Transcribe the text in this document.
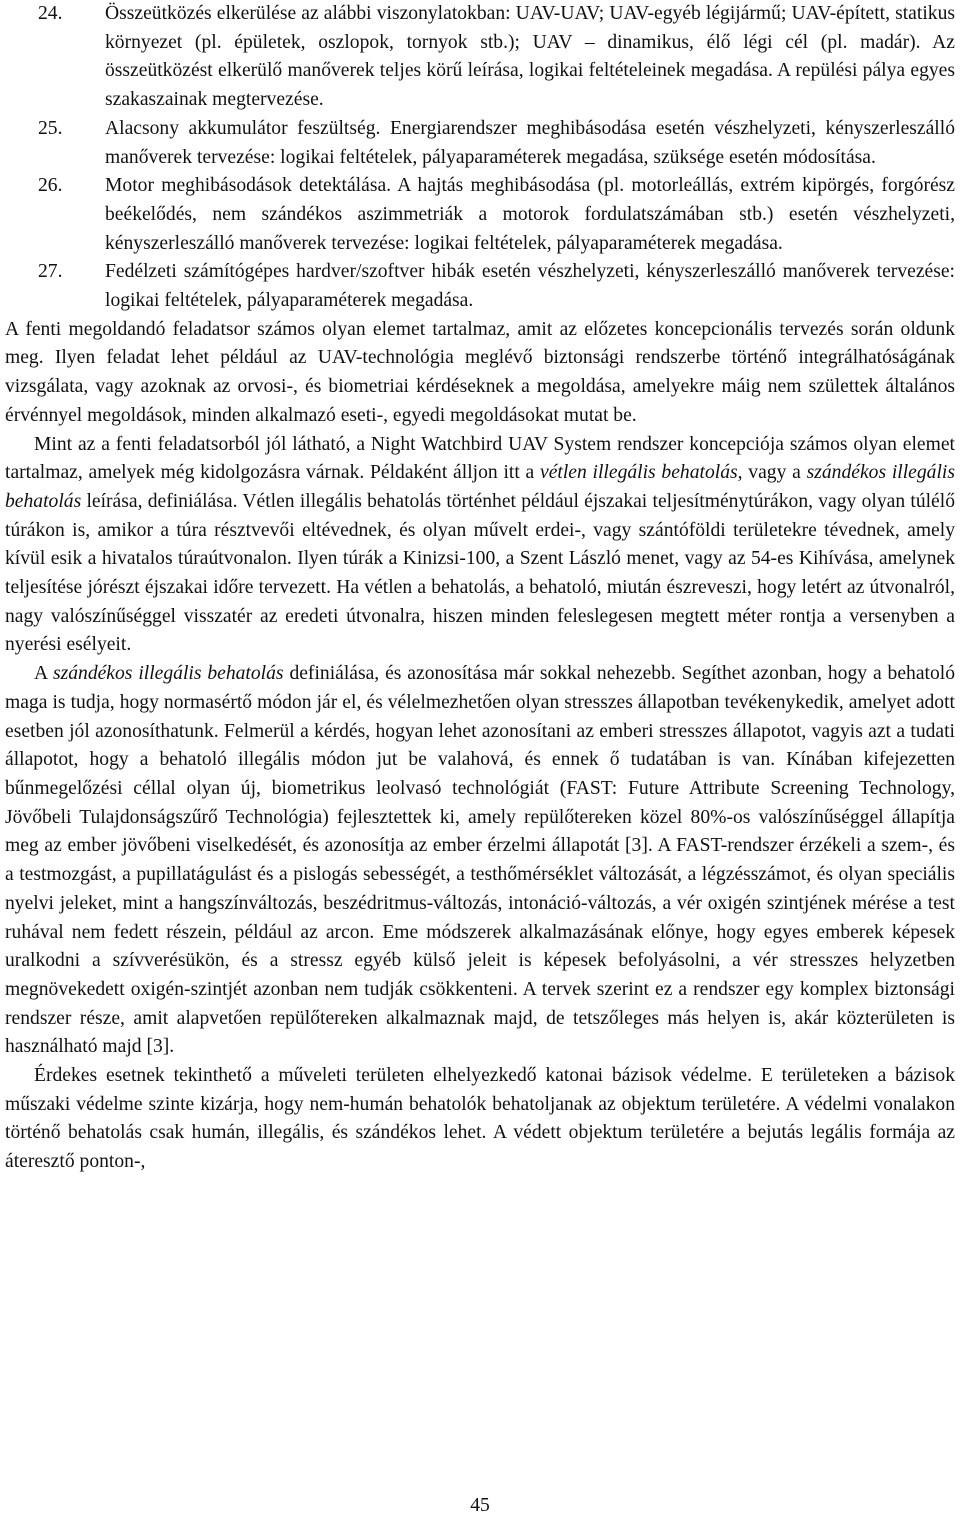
24.	Összeütközés elkerülése az alábbi viszonylatokban: UAV-UAV; UAV-egyéb légijármű; UAV-épített, statikus környezet (pl. épületek, oszlopok, tornyok stb.); UAV – dinamikus, élő légi cél (pl. madár). Az összeütközést elkerülő manőverek teljes körű leírása, logikai feltételeinek megadása. A repülési pálya egyes szakaszainak megtervezése.
25.	Alacsony akkumulátor feszültség. Energiarendszer meghibásodása esetén vészhelyzeti, kényszerleszálló manőverek tervezése: logikai feltételek, pályaparaméterek megadása, szüksége esetén módosítása.
26.	Motor meghibásodások detektálása. A hajtás meghibásodása (pl. motorleállás, extrém kipörgés, forgórész beékelődés, nem szándékos aszimmetriák a motorok fordulatszámában stb.) esetén vészhelyzeti, kényszerleszálló manőverek tervezése: logikai feltételek, pályaparaméterek megadása.
27.	Fedélzeti számítógépes hardver/szoftver hibák esetén vészhelyzeti, kényszerleszálló manőverek tervezése: logikai feltételek, pályaparaméterek megadása.

A fenti megoldandó feladatsor számos olyan elemet tartalmaz, amit az előzetes koncepcionális tervezés során oldunk meg. Ilyen feladat lehet például az UAV-technológia meglévő biztonsági rendszerbe történő integrálhatóságának vizsgálata, vagy azoknak az orvosi-, és biometriai kérdéseknek a megoldása, amelyekre máig nem születtek általános érvénnyel megoldások, minden alkalmazó eseti-, egyedi megoldásokat mutat be.

Mint az a fenti feladatsorból jól látható, a Night Watchbird UAV System rendszer koncepciója számos olyan elemet tartalmaz, amelyek még kidolgozásra várnak. Példaként álljon itt a vétlen illegális behatolás, vagy a szándékos illegális behatolás leírása, definiálása. Vétlen illegális behatolás történhet például éjszakai teljesítménytúrákon, vagy olyan túlélő túrákon is, amikor a túra résztvevői eltévednek, és olyan művelt erdei-, vagy szántóföldi területekre tévednek, amely kívül esik a hivatalos túraútvonalon. Ilyen túrák a Kinizsi-100, a Szent László menet, vagy az 54-es Kihívása, amelynek teljesítése jórészt éjszakai időre tervezett. Ha vétlen a behatolás, a behatoló, miután észreveszi, hogy letért az útvonalról, nagy valószínűséggel visszatér az eredeti útvonalra, hiszen minden feleslegesen megtett méter rontja a versenyben a nyerési esélyeit.

A szándékos illegális behatolás definiálása, és azonosítása már sokkal nehezebb. Segíthet azonban, hogy a behatoló maga is tudja, hogy normasértő módon jár el, és vélelmezhetően olyan stresszes állapotban tevékenykedik, amelyet adott esetben jól azonosíthatunk. Felmerül a kérdés, hogyan lehet azonosítani az emberi stresszes állapotot, vagyis azt a tudati állapotot, hogy a behatoló illegális módon jut be valahová, és ennek ő tudatában is van. Kínában kifejezetten bűnmegelőzési céllal olyan új, biometrikus leolvasó technológiát (FAST: Future Attribute Screening Technology, Jövőbeli Tulajdonságszűrő Technológia) fejlesztettek ki, amely repülőtereken közel 80%-os valószínűséggel állapítja meg az ember jövőbeni viselkedését, és azonosítja az ember érzelmi állapotát [3]. A FAST-rendszer érzékeli a szem-, és a testmozgást, a pupillatágulást és a pislogás sebességét, a testhőmérséklet változását, a légzésszámot, és olyan speciális nyelvi jeleket, mint a hangszínváltozás, beszédritmus-változás, intonáció-változás, a vér oxigén szintjének mérése a test ruhával nem fedett részein, például az arcon. Eme módszerek alkalmazásának előnye, hogy egyes emberek képesek uralkodni a szívverésükön, és a stressz egyéb külső jeleit is képesek befolyásolni, a vér stresszes helyzetben megnövekedett oxigén-szintjét azonban nem tudják csökkenteni. A tervek szerint ez a rendszer egy komplex biztonsági rendszer része, amit alapvetően repülőtereken alkalmaznak majd, de tetszőleges más helyen is, akár közterületen is használható majd [3].

Érdekes esetnek tekinthető a műveleti területen elhelyezkedő katonai bázisok védelme. E területeken a bázisok műszaki védelme szinte kizárja, hogy nem-humán behatolók behatoljanak az objektum területére. A védelmi vonalakon történő behatolás csak humán, illegális, és szándékos lehet. A védett objektum területére a bejutás legális formája az áteresztő ponton-,

45
